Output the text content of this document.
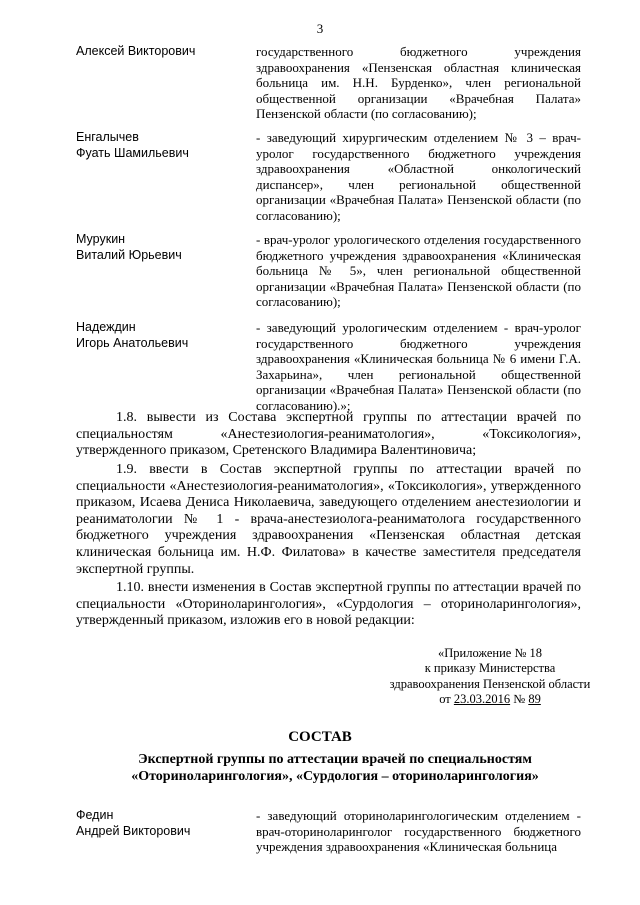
3
Алексей Викторович	государственного бюджетного учреждения здравоохранения «Пензенская областная клиническая больница им. Н.Н. Бурденко», член региональной общественной организации «Врачебная Палата» Пензенской области (по согласованию);
Енгалычев
Фуать Шамильевич
- заведующий хирургическим отделением № 3 – врач-уролог государственного бюджетного учреждения здравоохранения «Областной онкологический диспансер», член региональной общественной организации «Врачебная Палата» Пензенской области (по согласованию);
Мурукин
Виталий Юрьевич
- врач-уролог урологического отделения государственного бюджетного учреждения здравоохранения «Клиническая больница № 5», член региональной общественной организации «Врачебная Палата» Пензенской области (по согласованию);
Надеждин
Игорь Анатольевич
- заведующий урологическим отделением - врач-уролог государственного бюджетного учреждения здравоохранения «Клиническая больница № 6 имени Г.А. Захарьина», член региональной общественной организации «Врачебная Палата» Пензенской области (по согласованию).»;
1.8. вывести из Состава экспертной группы по аттестации врачей по специальностям «Анестезиология-реаниматология», «Токсикология», утвержденного приказом, Сретенского Владимира Валентиновича;
1.9. ввести в Состав экспертной группы по аттестации врачей по специальности «Анестезиология-реаниматология», «Токсикология», утвержденного приказом, Исаева Дениса Николаевича, заведующего отделением анестезиологии и реаниматологии № 1 - врача-анестезиолога-реаниматолога государственного бюджетного учреждения здравоохранения «Пензенская областная детская клиническая больница им. Н.Ф. Филатова» в качестве заместителя председателя экспертной группы.
1.10. внести изменения в Состав экспертной группы по аттестации врачей по специальности «Оториноларингология», «Сурдология – оториноларингология», утвержденный приказом, изложив его в новой редакции:
«Приложение № 18
к приказу Министерства
здравоохранения Пензенской области
от 23.03.2016 № 89
СОСТАВ
Экспертной группы по аттестации врачей по специальностям
«Оториноларингология», «Сурдология – оториноларингология»
Федин
Андрей Викторович
- заведующий оториноларингологическим отделением - врач-оториноларинголог государственного бюджетного учреждения здравоохранения «Клиническая больница
